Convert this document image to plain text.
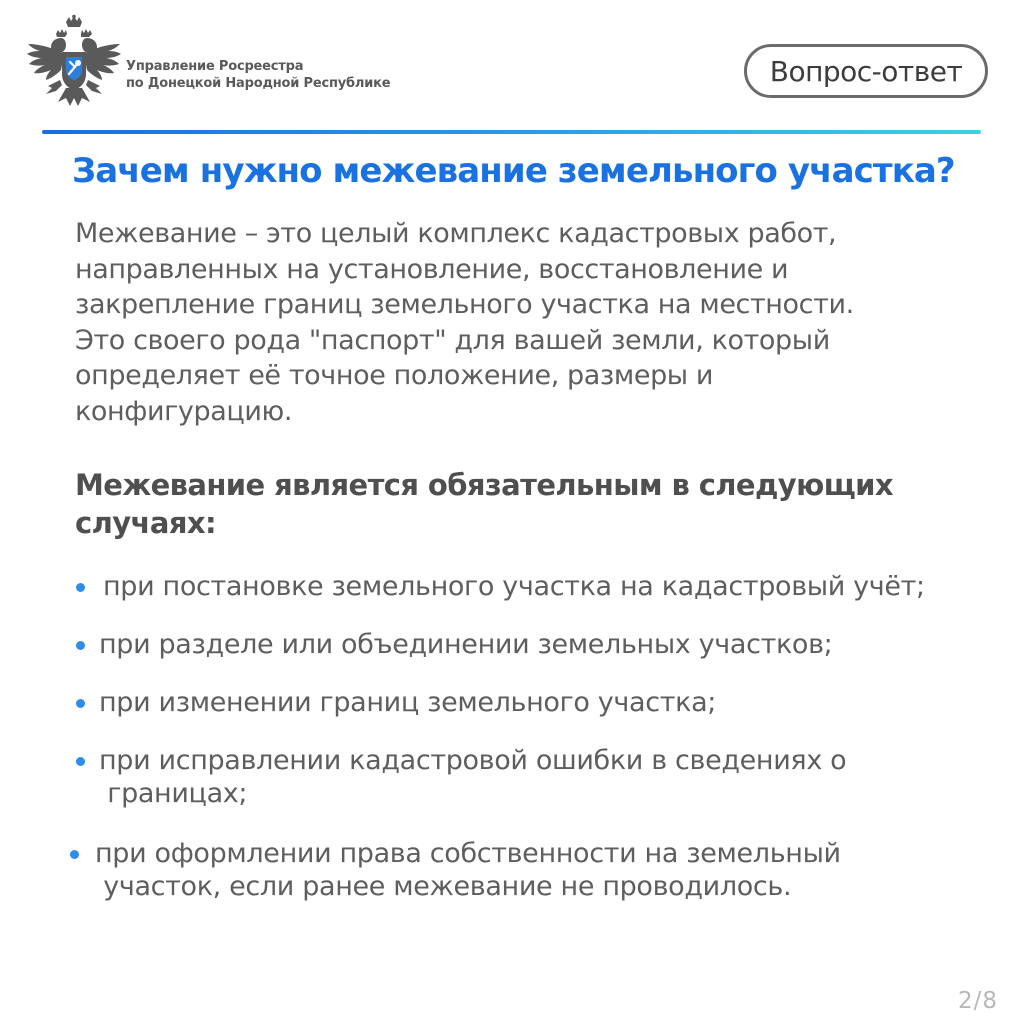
Управление Росреестра
по Донецкой Народной Республике	Вопрос-ответ
Зачем нужно межевание земельного участка?
Межевание – это целый комплекс кадастровых работ,
направленных на установление, восстановление и
закрепление границ земельного участка на местности.
Это своего рода "паспорт" для вашей земли, который
определяет её точное положение, размеры и
конфигурацию.
Межевание является обязательным в следующих
случаях:
при постановке земельного участка на кадастровый учёт;
при разделе или объединении земельных участков;
при изменении границ земельного участка;
при исправлении кадастровой ошибки в сведениях о
границах;
при оформлении права собственности на земельный
участок, если ранее межевание не проводилось.
2/8
